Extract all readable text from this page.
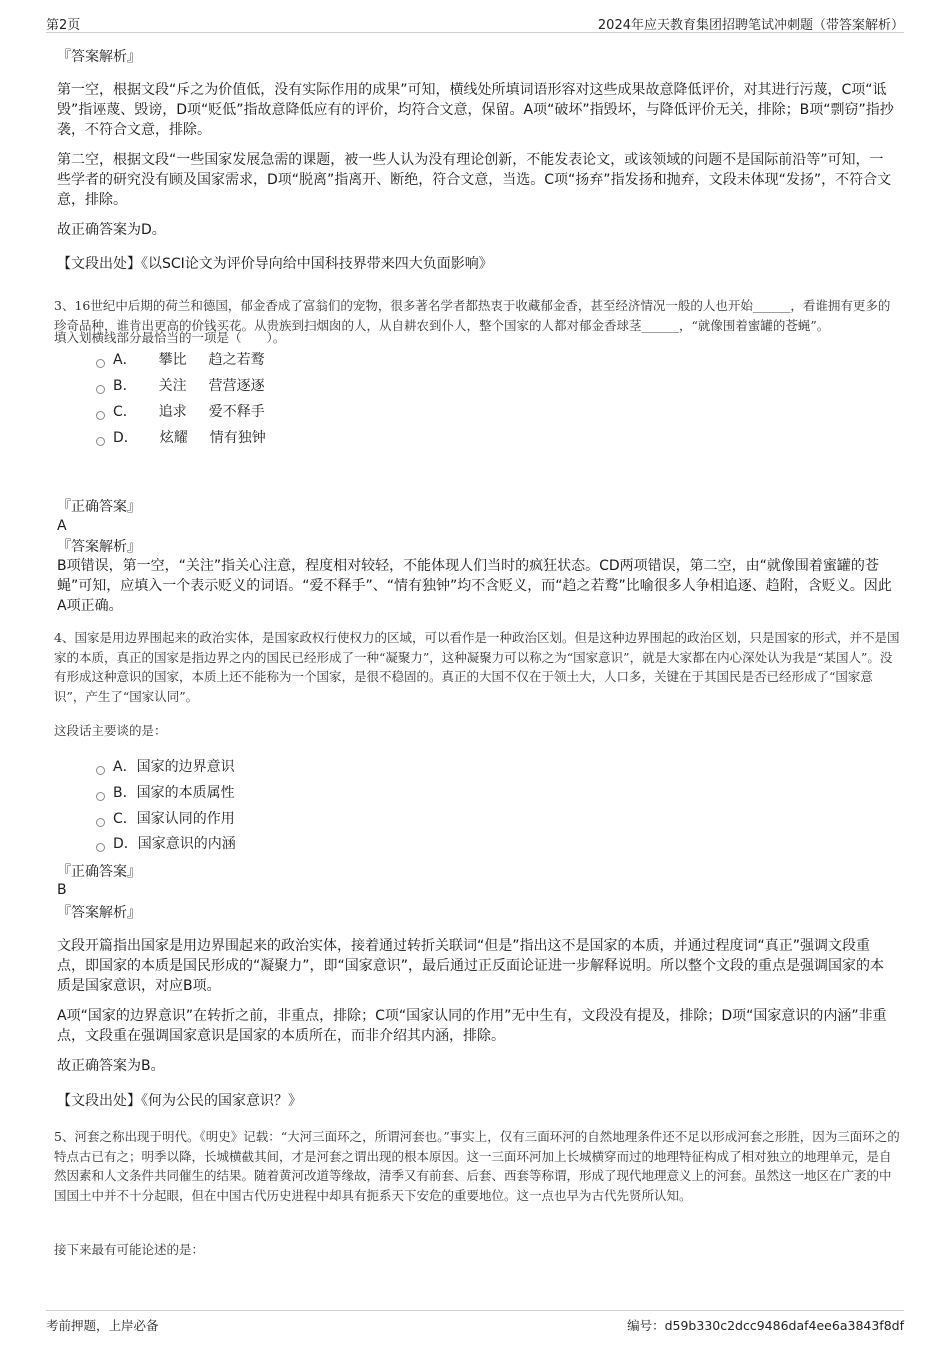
第2页	2024年应天教育集团招聘笔试冲刺题（带答案解析）
『答案解析』
第一空，根据文段“斥之为价值低，没有实际作用的成果”可知，横线处所填词语形容对这些成果故意降低评价，对其进行污蔑，C项“诋毁”指诬蔑、毁谤，D项“贬低”指故意降低应有的评价，均符合文意，保留。A项“破坏”指毁坏，与降低评价无关，排除；B项“剽窃”指抄袭，不符合文意，排除。
第二空，根据文段“一些国家发展急需的课题，被一些人认为没有理论创新，不能发表论文，或该领域的问题不是国际前沿等”可知，一些学者的研究没有顾及国家需求，D项“脱离”指离开、断绝，符合文意，当选。C项“扬弃”指发扬和抛弃，文段未体现“发扬”，不符合文意，排除。
故正确答案为D。
【文段出处】《以SCI论文为评价导向给中国科技界带来四大负面影响》
3、16世纪中后期的荷兰和德国，郁金香成了富翁们的宠物，很多著名学者都热衷于收藏郁金香，甚至经济情况一般的人也开始______，看谁拥有更多的珍奇品种，谁肯出更高的价钱买花。从贵族到扫烟囱的人，从自耕农到仆人，整个国家的人都对郁金香球茎______，“就像围着蜜罐的苍蝇”。
填入划横线部分最恰当的一项是（　　）。
A． 攀比 趋之若鹜
B． 关注 营营逐逐
C． 追求 爱不释手
D． 炫耀 情有独钟
『正确答案』
A
『答案解析』
B项错误，第一空，“关注”指关心注意，程度相对较轻，不能体现人们当时的疯狂状态。CD两项错误，第二空，由“就像围着蜜罐的苍蝇”可知，应填入一个表示贬义的词语。“爱不释手”、“情有独钟”均不含贬义，而“趋之若鹜”比喻很多人争相追逐、趋附，含贬义。因此A项正确。
4、国家是用边界围起来的政治实体，是国家政权行使权力的区域，可以看作是一种政治区划。但是这种边界围起的政治区划，只是国家的形式，并不是国家的本质，真正的国家是指边界之内的国民已经形成了一种“凝聚力”，这种凝聚力可以称之为“国家意识”，就是大家都在内心深处认为我是“某国人”。没有形成这种意识的国家，本质上还不能称为一个国家，是很不稳固的。真正的大国不仅在于领土大，人口多，关键在于其国民是否已经形成了“国家意识”，产生了“国家认同”。
这段话主要谈的是：
A．国家的边界意识
B．国家的本质属性
C．国家认同的作用
D．国家意识的内涵
『正确答案』
B
『答案解析』
文段开篇指出国家是用边界围起来的政治实体，接着通过转折关联词“但是”指出这不是国家的本质，并通过程度词“真正”强调文段重点，即国家的本质是国民形成的“凝聚力”，即“国家意识”，最后通过正反面论证进一步解释说明。所以整个文段的重点是强调国家的本质是国家意识，对应B项。
A项“国家的边界意识”在转折之前，非重点，排除；C项“国家认同的作用”无中生有，文段没有提及，排除；D项“国家意识的内涵”非重点，文段重在强调国家意识是国家的本质所在，而非介绍其内涵，排除。
故正确答案为B。
【文段出处】《何为公民的国家意识？》
5、河套之称出现于明代。《明史》记载：“大河三面环之，所谓河套也。”事实上，仅有三面环河的自然地理条件还不足以形成河套之形胜，因为三面环之的特点古已有之；明季以降，长城横截其间，才是河套之谓出现的根本原因。这一三面环河加上长城横穿而过的地理特征构成了相对独立的地理单元，是自然因素和人文条件共同催生的结果。随着黄河改道等缘故，清季又有前套、后套、西套等称谓，形成了现代地理意义上的河套。虽然这一地区在广袤的中国国土中并不十分起眼，但在中国古代历史进程中却具有扼系天下安危的重要地位。这一点也早为古代先贤所认知。
接下来最有可能论述的是：
考前押题，上岸必备	编号：d59b330c2dcc9486daf4ee6a3843f8df
